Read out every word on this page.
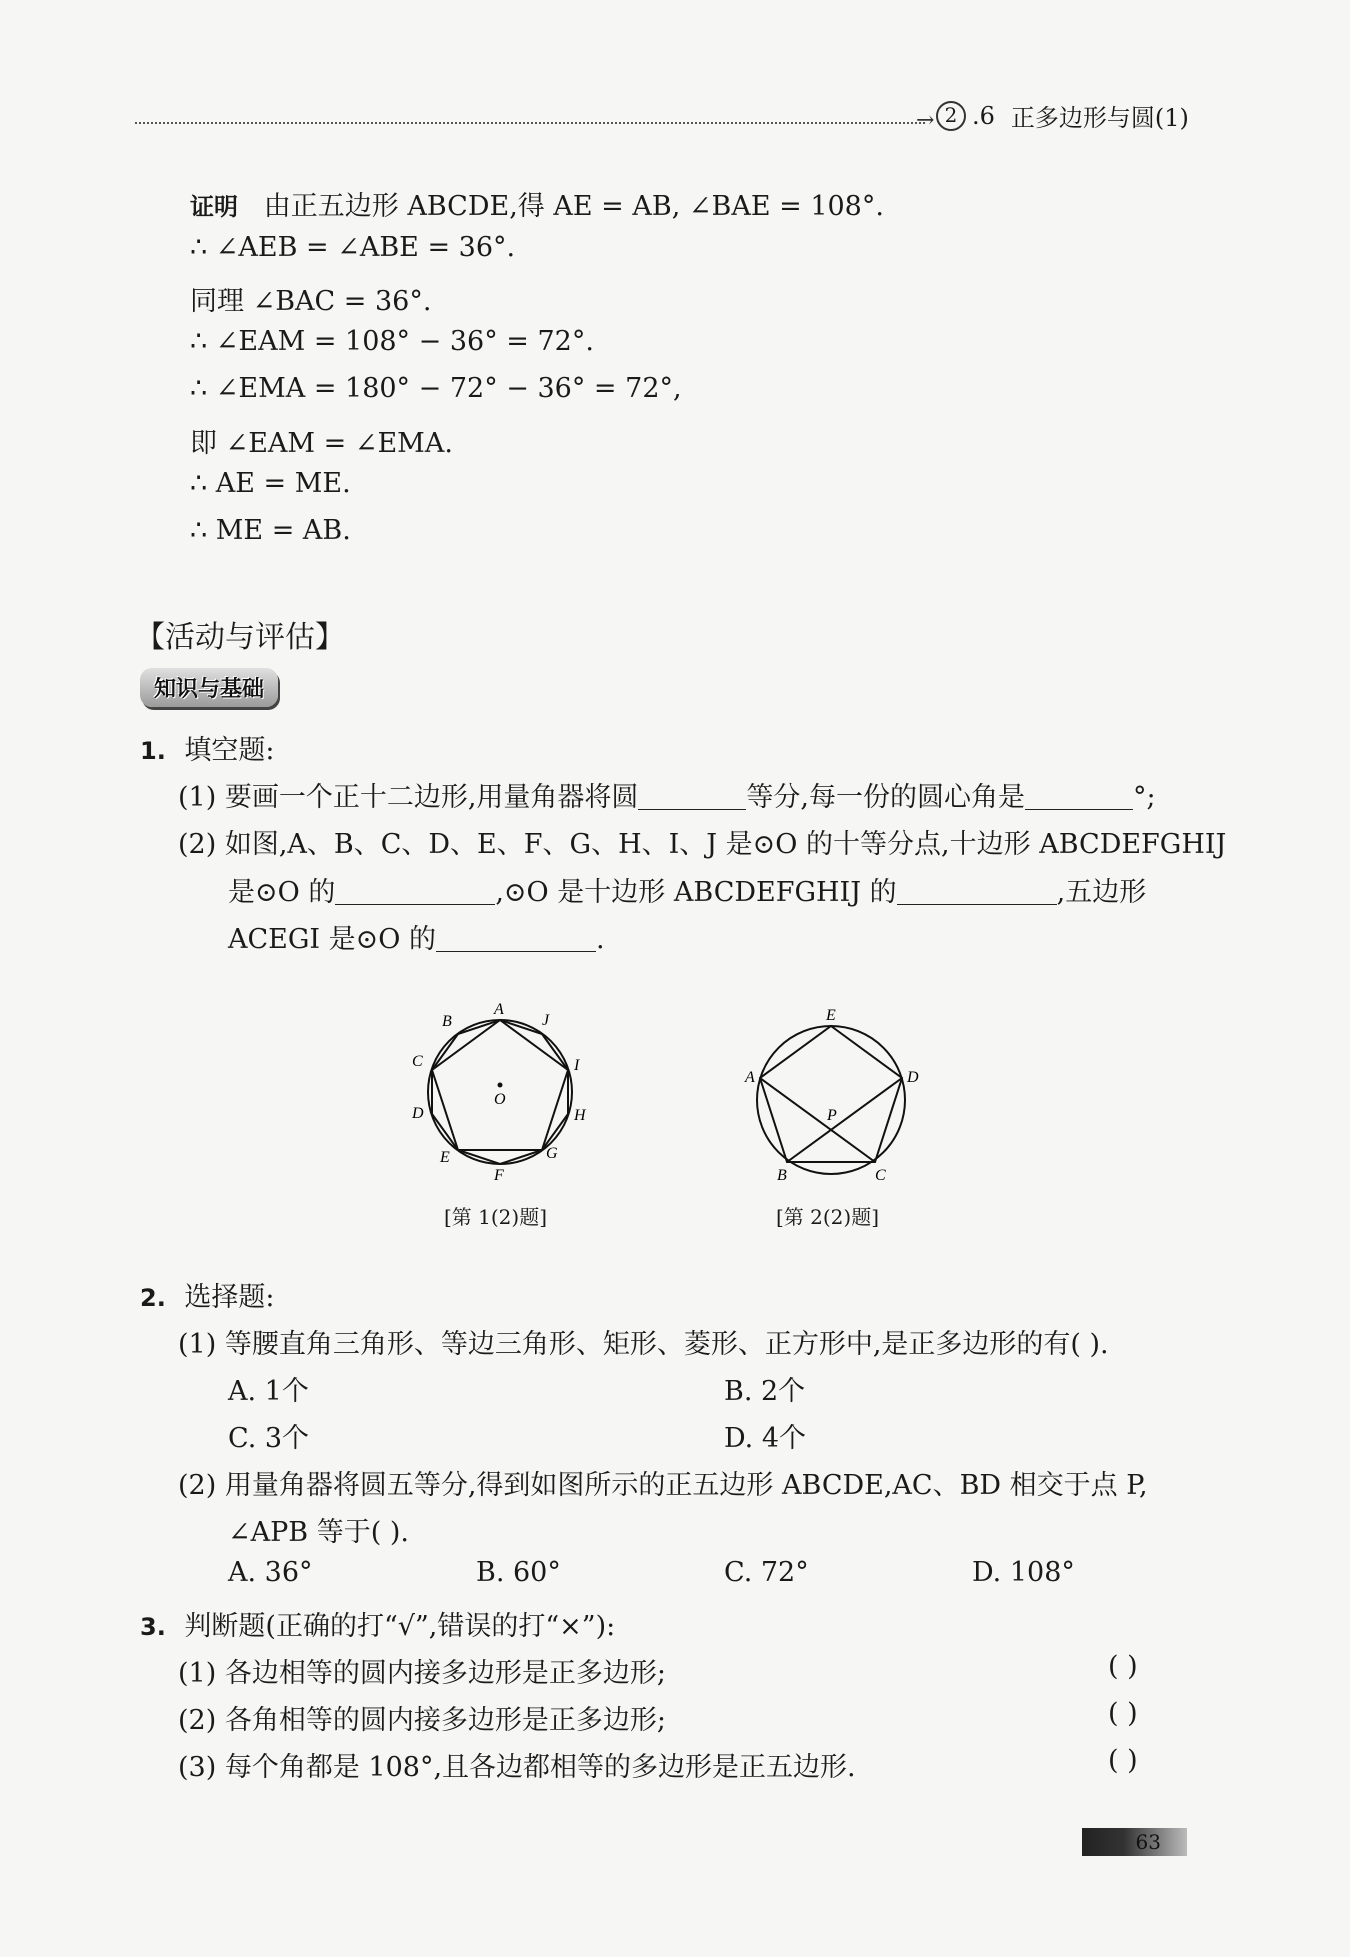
→ 2 .6 正多边形与圆(1)
证明 由正五边形 ABCDE,得 AE = AB, ∠BAE = 108°.
∴ ∠AEB = ∠ABE = 36°.
同理 ∠BAC = 36°.
∴ ∠EAM = 108° − 36° = 72°.
∴ ∠EMA = 180° − 72° − 36° = 72°,
即 ∠EAM = ∠EMA.
∴ AE = ME.
∴ ME = AB.
【活动与评估】
知识与基础
1. 填空题:
(1) 要画一个正十二边形,用量角器将圆	等分,每一份的圆心角是	°;
(2) 如图,A、B、C、D、E、F、G、H、I、J 是⊙O 的十等分点,十边形 ABCDEFGHIJ
是⊙O 的	,⊙O 是十边形 ABCDEFGHIJ 的	,五边形
ACEGI 是⊙O 的	.
O
A
J
I
H
G
F
E
D
C
B
[第 1(2)题]
E
D
C
B
A
P
[第 2(2)题]
2. 选择题:
(1) 等腰直角三角形、等边三角形、矩形、菱形、正方形中,是正多边形的有( ).
A. 1个	B. 2个
C. 3个	D. 4个
(2) 用量角器将圆五等分,得到如图所示的正五边形 ABCDE,AC、BD 相交于点 P,
∠APB 等于( ).
A. 36°	B. 60°	C. 72°	D. 108°
3. 判断题(正确的打“√”,错误的打“×”):
(1) 各边相等的圆内接多边形是正多边形;	( )
(2) 各角相等的圆内接多边形是正多边形;	( )
(3) 每个角都是 108°,且各边都相等的多边形是正五边形.	( )
63
